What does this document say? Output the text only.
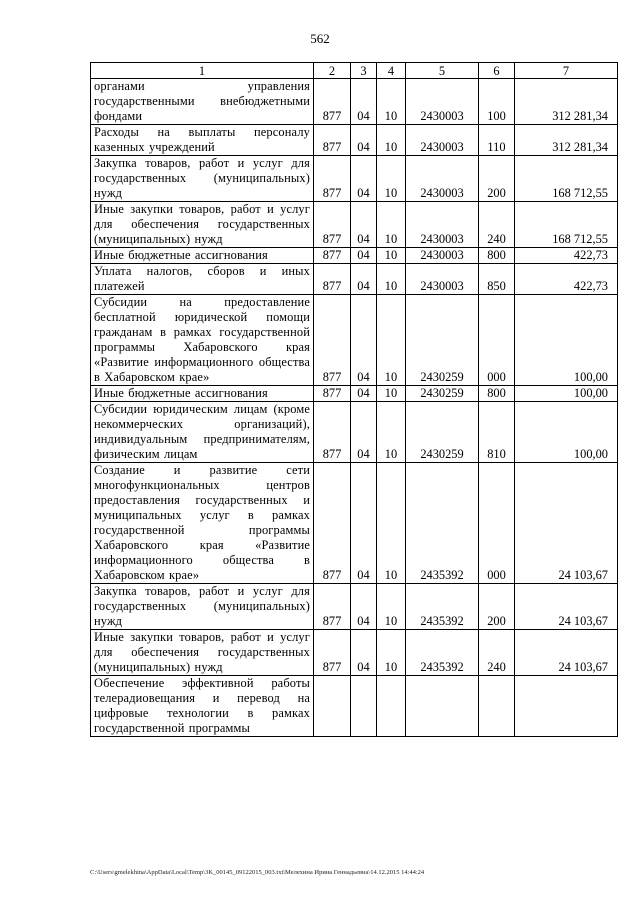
562
1	2	3	4	5	6	7
органами управления государственными внебюджетными фондами	877	04	10	2430003	100	312 281,34
Расходы на выплаты персоналу казенных учреждений	877	04	10	2430003	110	312 281,34
Закупка товаров, работ и услуг для государственных (муниципальных) нужд	877	04	10	2430003	200	168 712,55
Иные закупки товаров, работ и услуг для обеспечения государственных (муниципальных) нужд	877	04	10	2430003	240	168 712,55
Иные бюджетные ассигнования	877	04	10	2430003	800	422,73
Уплата налогов, сборов и иных платежей	877	04	10	2430003	850	422,73
Субсидии на предоставление бесплатной юридической помощи гражданам в рамках государственной программы Хабаровского края «Развитие информационного общества в Хабаровском крае»	877	04	10	2430259	000	100,00
Иные бюджетные ассигнования	877	04	10	2430259	800	100,00
Субсидии юридическим лицам (кроме некоммерческих организаций), индивидуальным предпринимателям, физическим лицам	877	04	10	2430259	810	100,00
Создание и развитие сети многофункциональных центров предоставления государственных и муниципальных услуг в рамках государственной программы Хабаровского края «Развитие информационного общества в Хабаровском крае»	877	04	10	2435392	000	24 103,67
Закупка товаров, работ и услуг для государственных (муниципальных) нужд	877	04	10	2435392	200	24 103,67
Иные закупки товаров, работ и услуг для обеспечения государственных (муниципальных) нужд	877	04	10	2435392	240	24 103,67
Обеспечение эффективной работы телерадиовещания и перевод на цифровые технологии в рамках государственной программы						
C:\Users\gmelekhina\AppData\Local\Temp\3K_00145_09122015_003.txt\Мелехина Ирина Геннадьевна\14.12.2015 14:44:24
